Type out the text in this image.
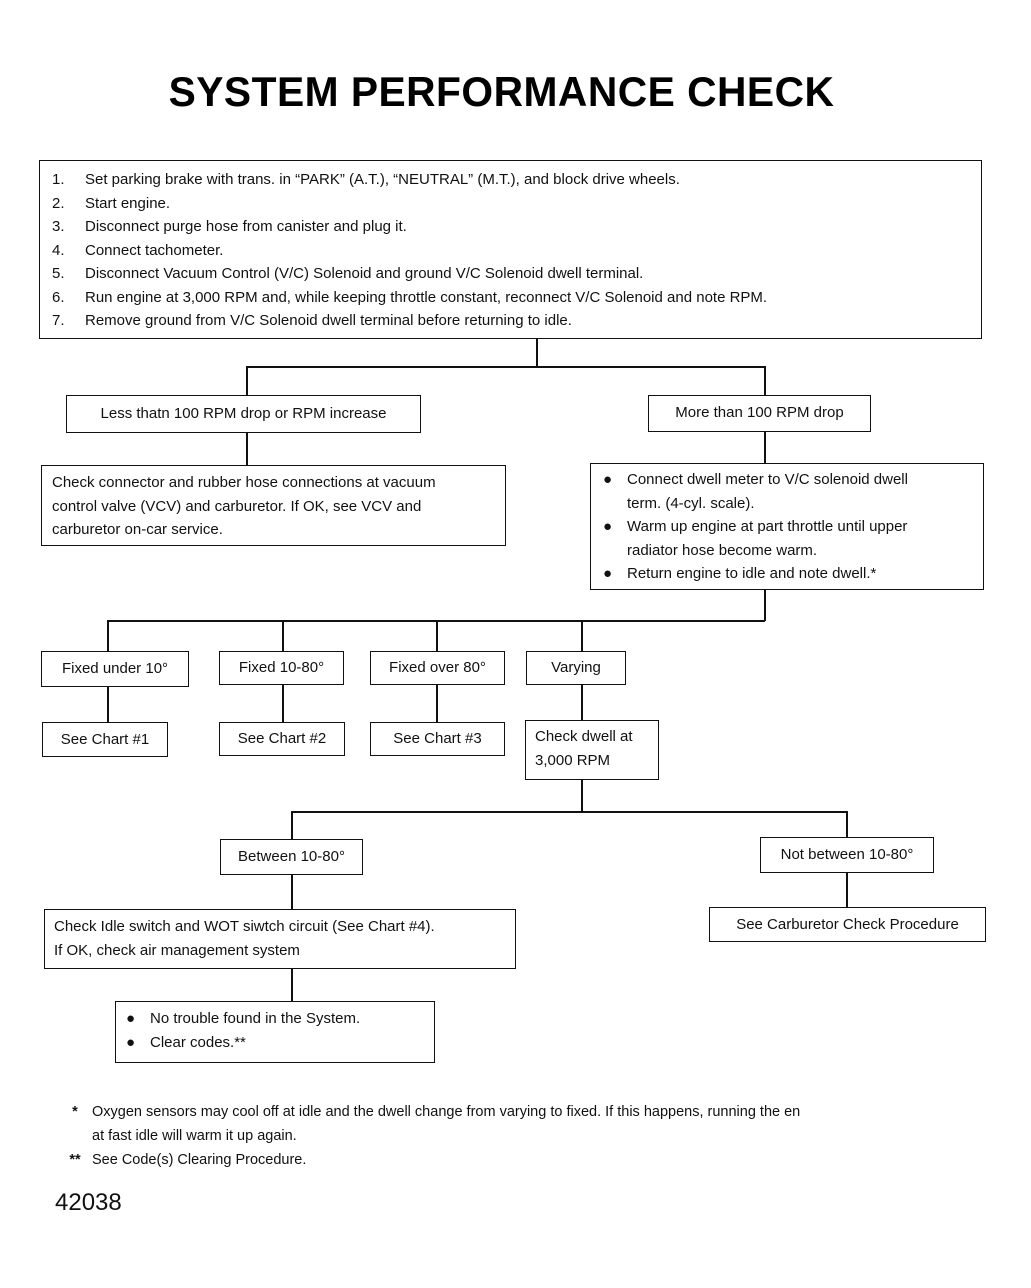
SYSTEM PERFORMANCE CHECK
1.	Set parking brake with trans. in “PARK” (A.T.), “NEUTRAL” (M.T.), and block drive wheels.
2.	Start engine.
3.	Disconnect purge hose from canister and plug it.
4.	Connect tachometer.
5.	Disconnect Vacuum Control (V/C) Solenoid and ground V/C Solenoid dwell terminal.
6.	Run engine at 3,000 RPM and, while keeping throttle constant, reconnect V/C Solenoid and note RPM.
7.	Remove ground from V/C Solenoid dwell terminal before returning to idle.
Less thatn 100 RPM drop or RPM increase
Check connector and rubber hose connections at vacuum
control valve (VCV) and carburetor. If OK, see VCV and
carburetor on-car service.
More than 100 RPM drop
● Connect dwell meter to V/C solenoid dwell
term. (4-cyl. scale).
● Warm up engine at part throttle until upper
radiator hose become warm.
● Return engine to idle and note dwell.*
Fixed under 10°	Fixed 10-80°	Fixed over 80°	Varying
See Chart #1	See Chart #2	See Chart #3	Check dwell at
3,000 RPM
Between 10-80°	Not between 10-80°
Check Idle switch and WOT siwtch circuit (See Chart #4).
If OK, check air management system
See Carburetor Check Procedure
● No trouble found in the System.
● Clear codes.**
* Oxygen sensors may cool off at idle and the dwell change from varying to fixed. If this happens, running the en
at fast idle will warm it up again.
** See Code(s) Clearing Procedure.
42038
